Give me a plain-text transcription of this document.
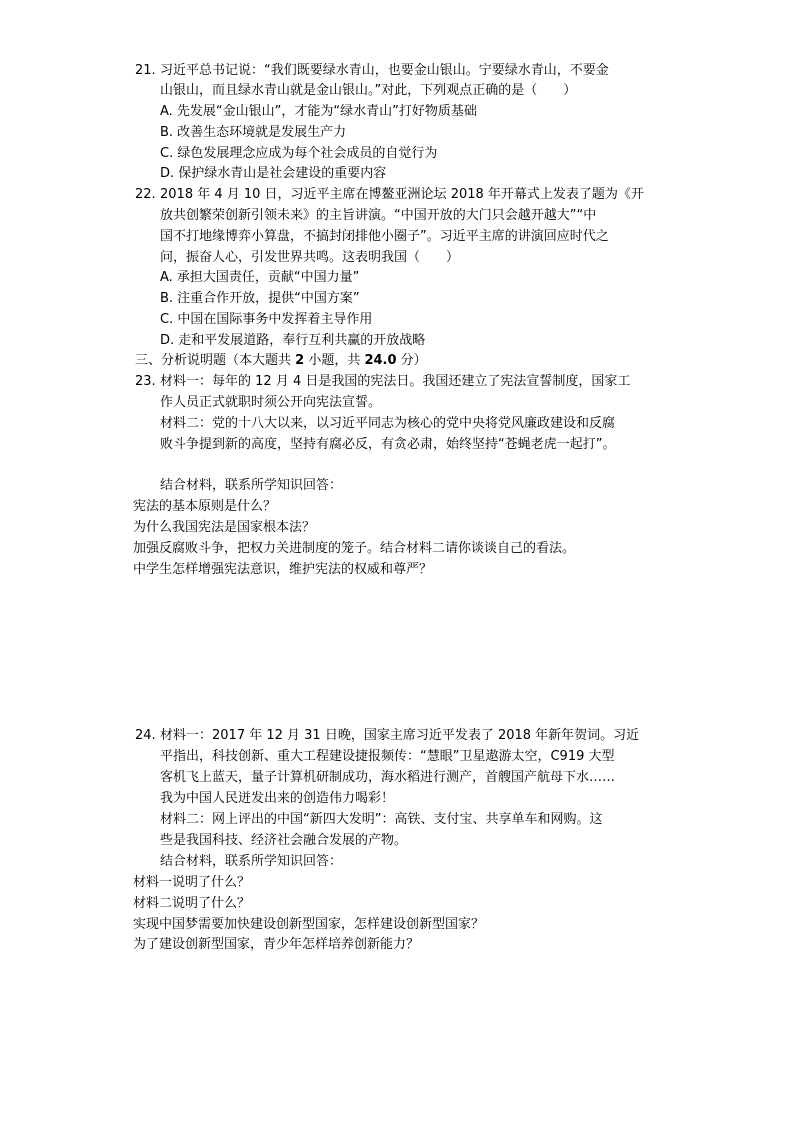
21. 习近平总书记说：“我们既要绿水青山，也要金山银山。宁要绿水青山，不要金
山银山，而且绿水青山就是金山银山。”对此，下列观点正确的是（　　）
A. 先发展“金山银山”，才能为“绿水青山”打好物质基础
B. 改善生态环境就是发展生产力
C. 绿色发展理念应成为每个社会成员的自觉行为
D. 保护绿水青山是社会建设的重要内容
22. 2018 年 4 月 10 日，习近平主席在博鳌亚洲论坛 2018 年开幕式上发表了题为《开
放共创繁荣创新引领未来》的主旨讲演。“中国开放的大门只会越开越大”“中
国不打地缘博弈小算盘，不搞封闭排他小圈子”。习近平主席的讲演回应时代之
问，振奋人心，引发世界共鸣。这表明我国（　　）
A. 承担大国责任，贡献“中国力量”
B. 注重合作开放，提供“中国方案”
C. 中国在国际事务中发挥着主导作用
D. 走和平发展道路，奉行互利共赢的开放战略
三、分析说明题（本大题共 2 小题，共 24.0 分）
23. 材料一：每年的 12 月 4 日是我国的宪法日。我国还建立了宪法宣誓制度，国家工
作人员正式就职时须公开向宪法宣誓。
材料二：党的十八大以来，以习近平同志为核心的党中央将党风廉政建设和反腐
败斗争提到新的高度，坚持有腐必反，有贪必肃，始终坚持“苍蝇老虎一起打”。
结合材料，联系所学知识回答：
宪法的基本原则是什么？
为什么我国宪法是国家根本法？
加强反腐败斗争，把权力关进制度的笼子。结合材料二请你谈谈自己的看法。
中学生怎样增强宪法意识，维护宪法的权威和尊严？
24. 材料一：2017 年 12 月 31 日晚，国家主席习近平发表了 2018 年新年贺词。习近
平指出，科技创新、重大工程建设捷报频传：“慧眼”卫星遨游太空，C919 大型
客机飞上蓝天，量子计算机研制成功，海水稻进行测产，首艘国产航母下水……
我为中国人民迸发出来的创造伟力喝彩！
材料二：网上评出的中国“新四大发明”：高铁、支付宝、共享单车和网购。这
些是我国科技、经济社会融合发展的产物。
结合材料，联系所学知识回答：
材料一说明了什么？
材料二说明了什么？
实现中国梦需要加快建设创新型国家，怎样建设创新型国家？
为了建设创新型国家，青少年怎样培养创新能力？
